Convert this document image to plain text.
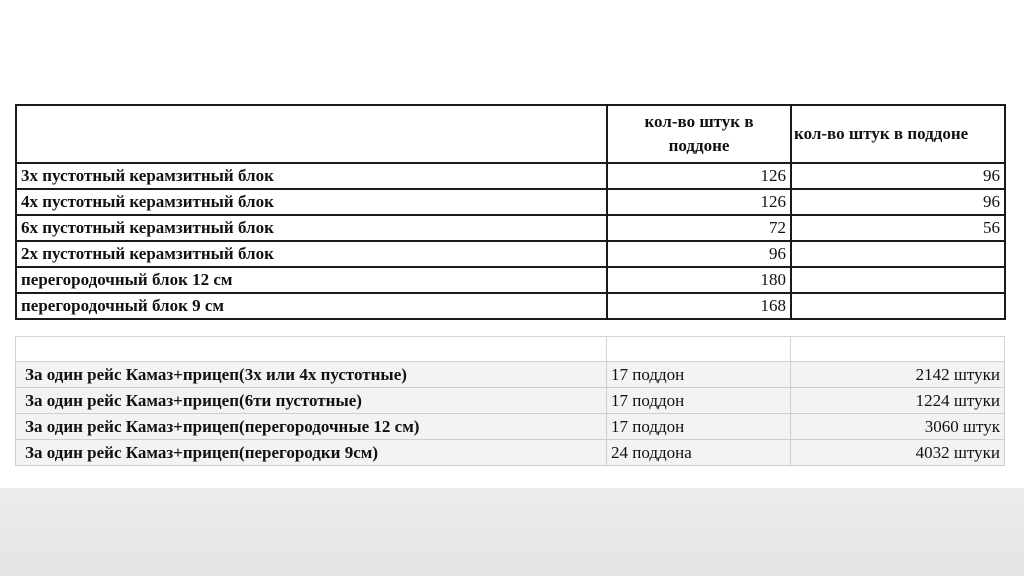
	кол-во штук в поддоне	кол-во штук в поддоне
3х пустотный керамзитный блок	126	96
4х пустотный керамзитный блок	126	96
6х пустотный керамзитный блок	72	56
2х пустотный керамзитный блок	96	
перегородочный блок 12 см	180	
перегородочный блок 9 см	168	

За один рейс Камаз+прицеп(3х или 4х пустотные)	17 поддон	2142 штуки
За один рейс Камаз+прицеп(6ти пустотные)	17 поддон	1224 штуки
За один рейс Камаз+прицеп(перегородочные 12 см)	17 поддон	3060 штук
За один рейс Камаз+прицеп(перегородки 9см)	24 поддона	4032 штуки
